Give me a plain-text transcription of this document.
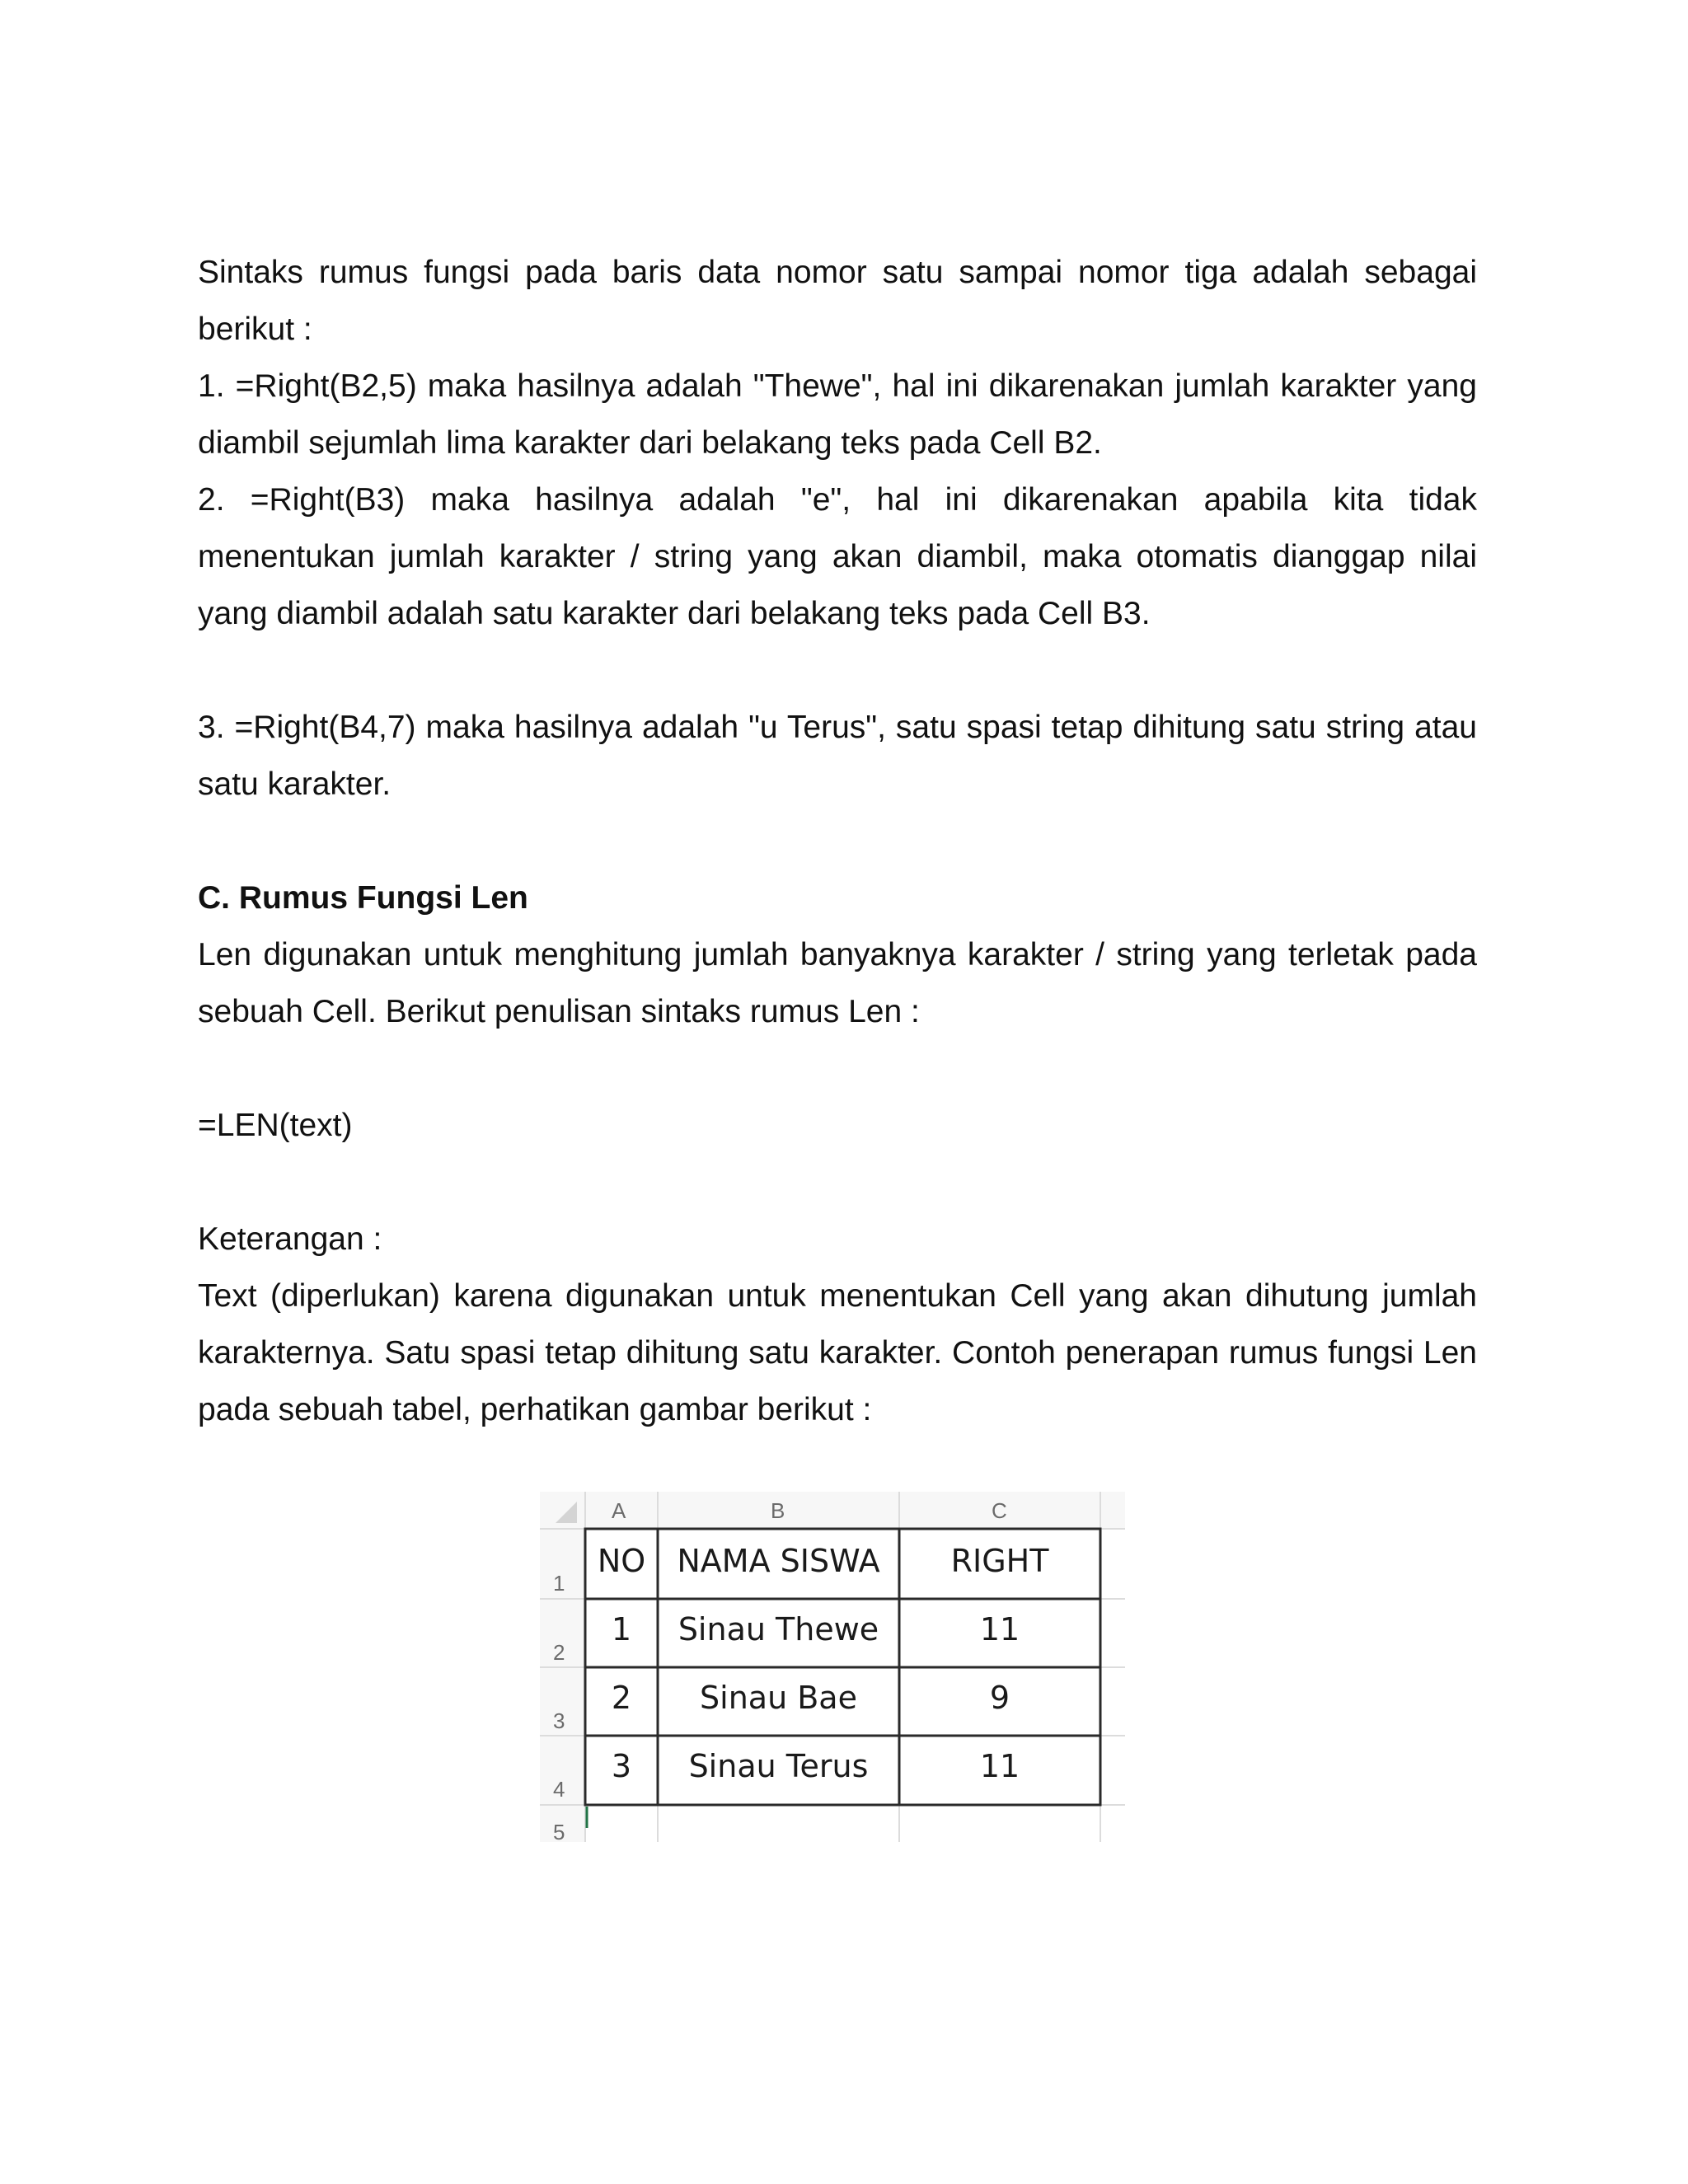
Sintaks rumus fungsi pada baris data nomor satu sampai nomor tiga adalah sebagai berikut :

1. =Right(B2,5) maka hasilnya adalah "Thewe", hal ini dikarenakan jumlah karakter yang diambil sejumlah lima karakter dari belakang teks pada Cell B2.

2. =Right(B3) maka hasilnya adalah "e", hal ini dikarenakan apabila kita tidak menentukan jumlah karakter / string yang akan diambil, maka otomatis dianggap nilai yang diambil adalah satu karakter dari belakang teks pada Cell B3.

3. =Right(B4,7) maka hasilnya adalah "u Terus", satu spasi tetap dihitung satu string atau satu karakter.

C. Rumus Fungsi Len

Len digunakan untuk menghitung jumlah banyaknya karakter / string yang terletak pada sebuah Cell. Berikut penulisan sintaks rumus Len :

=LEN(text)

Keterangan :

Text (diperlukan) karena digunakan untuk menentukan Cell yang akan dihutung jumlah karakternya. Satu spasi tetap dihitung satu karakter. Contoh penerapan rumus fungsi Len pada sebuah tabel, perhatikan gambar berikut :

A	B	C
1
2
3
4
5
NO	NAMA SISWA	RIGHT
1	Sinau Thewe	11
2	Sinau Bae	9
3	Sinau Terus	11
